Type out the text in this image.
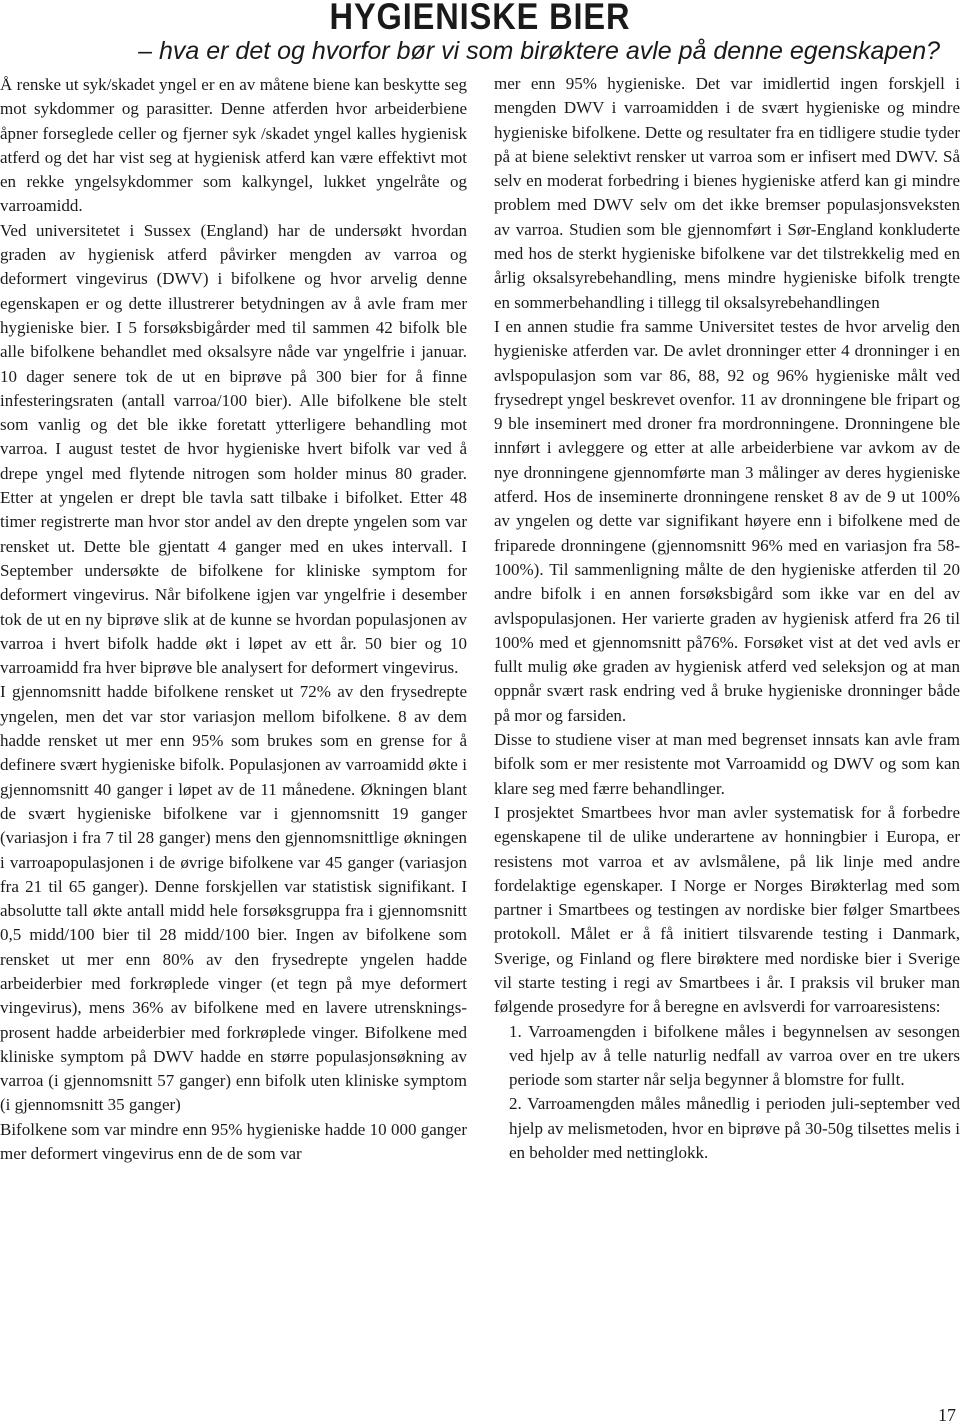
HYGIENISKE BIER

– hva er det og hvorfor bør vi som birøktere avle på denne egenskapen?

Å renske ut syk/skadet yngel er en av måtene biene kan beskytte seg mot sykdommer og parasitter. Denne atferden hvor arbeiderbiene åpner forseglede celler og fjerner syk /skadet yngel kalles hygienisk atferd og det har vist seg at hygienisk atferd kan være effektivt mot en rekke yngelsykdommer som kalkyngel, lukket yngelråte og varroamidd.

Ved universitetet i Sussex (England) har de undersøkt hvordan graden av hygienisk atferd påvirker mengden av varroa og deformert vingevirus (DWV) i bifolkene og hvor arvelig denne egenskapen er og dette illustrerer betydningen av å avle fram mer hygieniske bier. I 5 forsøksbigårder med til sammen 42 bifolk ble alle bifolkene behandlet med oksalsyre nåde var yngelfrie i januar. 10 dager senere tok de ut en biprøve på 300 bier for å finne infesteringsraten (antall varroa/100 bier). Alle bifolkene ble stelt som vanlig og det ble ikke foretatt ytterligere behandling mot varroa. I august testet de hvor hygieniske hvert bifolk var ved å drepe yngel med flytende nitrogen som holder minus 80 grader. Etter at yngelen er drept ble tavla satt tilbake i bifolket. Etter 48 timer registrerte man hvor stor andel av den drepte yngelen som var rensket ut. Dette ble gjentatt 4 ganger med en ukes intervall. I September undersøkte de bifolkene for kliniske symptom for deformert vingevirus. Når bifolkene igjen var yngelfrie i desember tok de ut en ny biprøve slik at de kunne se hvordan populasjonen av varroa i hvert bifolk hadde økt i løpet av ett år. 50 bier og 10 varroamidd fra hver biprøve ble analysert for deformert vingevirus.

I gjennomsnitt hadde bifolkene rensket ut 72% av den frysedrepte yngelen, men det var stor variasjon mellom bifolkene. 8 av dem hadde rensket ut mer enn 95% som brukes som en grense for å definere svært hygieniske bifolk. Populasjonen av varroamidd økte i gjennomsnitt 40 ganger i løpet av de 11 månedene. Økningen blant de svært hygieniske bifolkene var i gjennomsnitt 19 ganger (variasjon i fra 7 til 28 ganger) mens den gjennomsnittlige økningen i varroapopulasjonen i de øvrige bifolkene var 45 ganger (variasjon fra 21 til 65 ganger). Denne forskjellen var statistisk signifikant. I absolutte tall økte antall midd hele forsøksgruppa fra i gjennomsnitt 0,5 midd/100 bier til 28 midd/100 bier. Ingen av bifolkene som rensket ut mer enn 80% av den frysedrepte yngelen hadde arbeiderbier med forkrøplede vinger (et tegn på mye deformert vingevirus), mens 36% av bifolkene med en lavere utrenskningsprosent hadde arbeiderbier med forkrøplede vinger. Bifolkene med kliniske symptom på DWV hadde en større populasjonsøkning av varroa (i gjennomsnitt 57 ganger) enn bifolk uten kliniske symptom (i gjennomsnitt 35 ganger)

Bifolkene som var mindre enn 95% hygieniske hadde 10 000 ganger mer deformert vingevirus enn de de som var

mer enn 95% hygieniske. Det var imidlertid ingen forskjell i mengden DWV i varroamidden i de svært hygieniske og mindre hygieniske bifolkene. Dette og resultater fra en tidligere studie tyder på at biene selektivt rensker ut varroa som er infisert med DWV. Så selv en moderat forbedring i bienes hygieniske atferd kan gi mindre problem med DWV selv om det ikke bremser populasjonsveksten av varroa. Studien som ble gjennomført i Sør-England konkluderte med hos de sterkt hygieniske bifolkene var det tilstrekkelig med en årlig oksalsyrebehandling, mens mindre hygieniske bifolk trengte en sommerbehandling i tillegg til oksalsyrebehandlingen

I en annen studie fra samme Universitet testes de hvor arvelig den hygieniske atferden var. De avlet dronninger etter 4 dronninger i en avlspopulasjon som var 86, 88, 92 og 96% hygieniske målt ved frysedrept yngel beskrevet ovenfor. 11 av dronningene ble fripart og 9 ble inseminert med droner fra mordronningene. Dronningene ble innført i avleggere og etter at alle arbeiderbiene var avkom av de nye dronningene gjennomførte man 3 målinger av deres hygieniske atferd. Hos de inseminerte dronningene rensket 8 av de 9 ut 100% av yngelen og dette var signifikant høyere enn i bifolkene med de friparede dronningene (gjennomsnitt 96% med en variasjon fra 58-100%). Til sammenligning målte de den hygieniske atferden til 20 andre bifolk i en annen forsøksbigård som ikke var en del av avlspopulasjonen. Her varierte graden av hygienisk atferd fra 26 til 100% med et gjennomsnitt på76%. Forsøket vist at det ved avls er fullt mulig øke graden av hygienisk atferd ved seleksjon og at man oppnår svært rask endring ved å bruke hygieniske dronninger både på mor og farsiden.

Disse to studiene viser at man med begrenset innsats kan avle fram bifolk som er mer resistente mot Varroamidd og DWV og som kan klare seg med færre behandlinger.

I prosjektet Smartbees hvor man avler systematisk for å forbedre egenskapene til de ulike underartene av honningbier i Europa, er resistens mot varroa et av avlsmålene, på lik linje med andre fordelaktige egenskaper. I Norge er Norges Birøkterlag med som partner i Smartbees og testingen av nordiske bier følger Smartbees protokoll. Målet er å få initiert tilsvarende testing i Danmark, Sverige, og Finland og flere birøktere med nordiske bier i Sverige vil starte testing i regi av Smartbees i år. I praksis vil bruker man følgende prosedyre for å beregne en avlsverdi for varroaresistens:

1. Varroamengden i bifolkene måles i begynnelsen av sesongen ved hjelp av å telle naturlig nedfall av varroa over en tre ukers periode som starter når selja begynner å blomstre for fullt.
2. Varroamengden måles månedlig i perioden juli-september ved hjelp av melismetoden, hvor en biprøve på 30-50g tilsettes melis i en beholder med nettinglokk.

17
